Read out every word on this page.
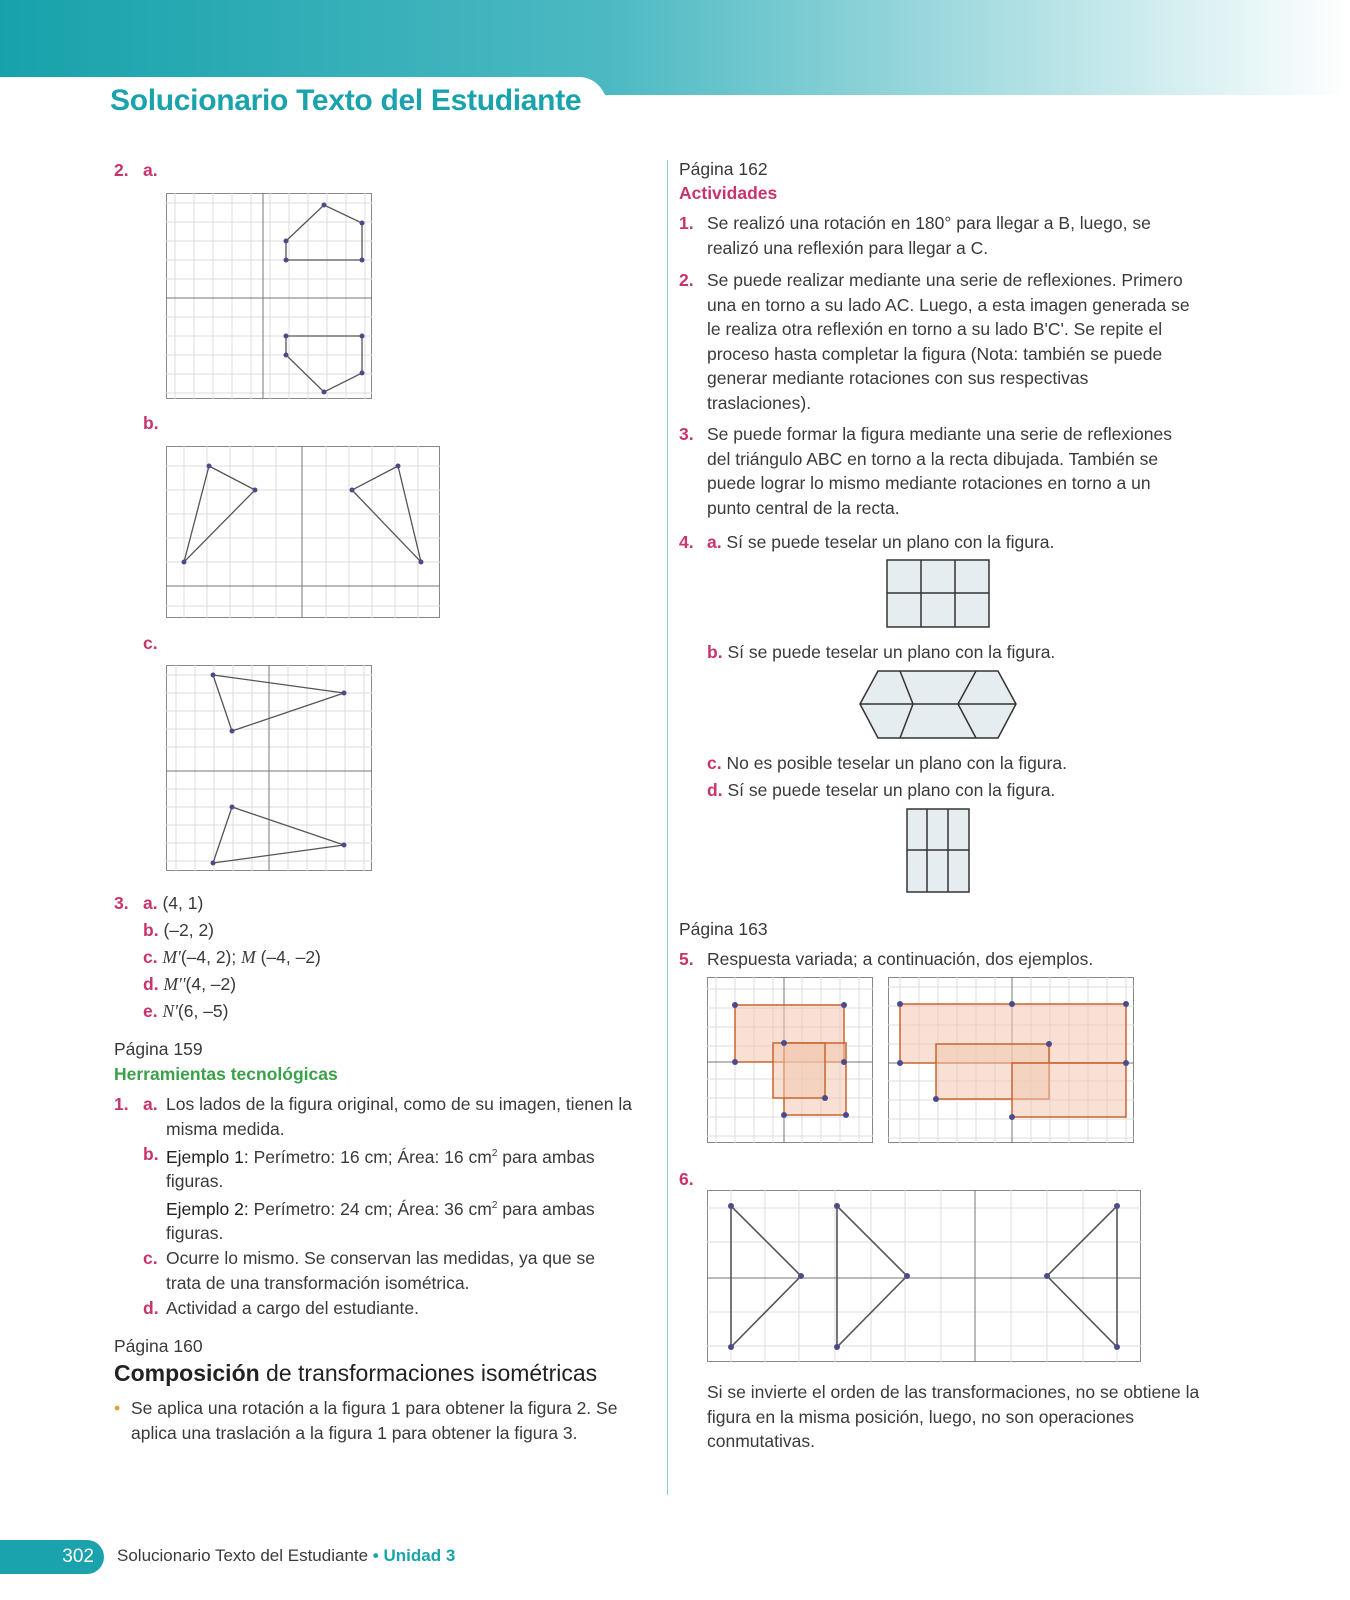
Solucionario Texto del Estudiante
2. a.
b.
c.
3. a. (4, 1)
b. (–2, 2)
c. M'(–4, 2); M (–4, –2)
d. M''(4, –2)
e. N'(6, –5)
Página 159
Herramientas tecnológicas
1. a. Los lados de la figura original, como de su imagen, tienen la misma medida.
b. Ejemplo 1: Perímetro: 16 cm; Área: 16 $cm^2$ para ambas figuras.
Ejemplo 2: Perímetro: 24 cm; Área: 36 $cm^2$ para ambas figuras.
c. Ocurre lo mismo. Se conservan las medidas, ya que se trata de una transformación isométrica.
d. Actividad a cargo del estudiante.
Página 160
Composición de transformaciones isométricas
• Se aplica una rotación a la figura 1 para obtener la figura 2. Se aplica una traslación a la figura 1 para obtener la figura 3.
Página 162
Actividades
1. Se realizó una rotación en 180° para llegar a B, luego, se realizó una reflexión para llegar a C.
2. Se puede realizar mediante una serie de reflexiones. Primero una en torno a su lado AC. Luego, a esta imagen generada se le realiza otra reflexión en torno a su lado B'C'. Se repite el proceso hasta completar la figura (Nota: también se puede generar mediante rotaciones con sus respectivas traslaciones).
3. Se puede formar la figura mediante una serie de reflexiones del triángulo ABC en torno a la recta dibujada. También se puede lograr lo mismo mediante rotaciones en torno a un punto central de la recta.
4. a. Sí se puede teselar un plano con la figura.
b. Sí se puede teselar un plano con la figura.
c. No es posible teselar un plano con la figura.
d. Sí se puede teselar un plano con la figura.
Página 163
5. Respuesta variada; a continuación, dos ejemplos.
6.
Si se invierte el orden de las transformaciones, no se obtiene la figura en la misma posición, luego, no son operaciones conmutativas.
302	Solucionario Texto del Estudiante • Unidad 3
